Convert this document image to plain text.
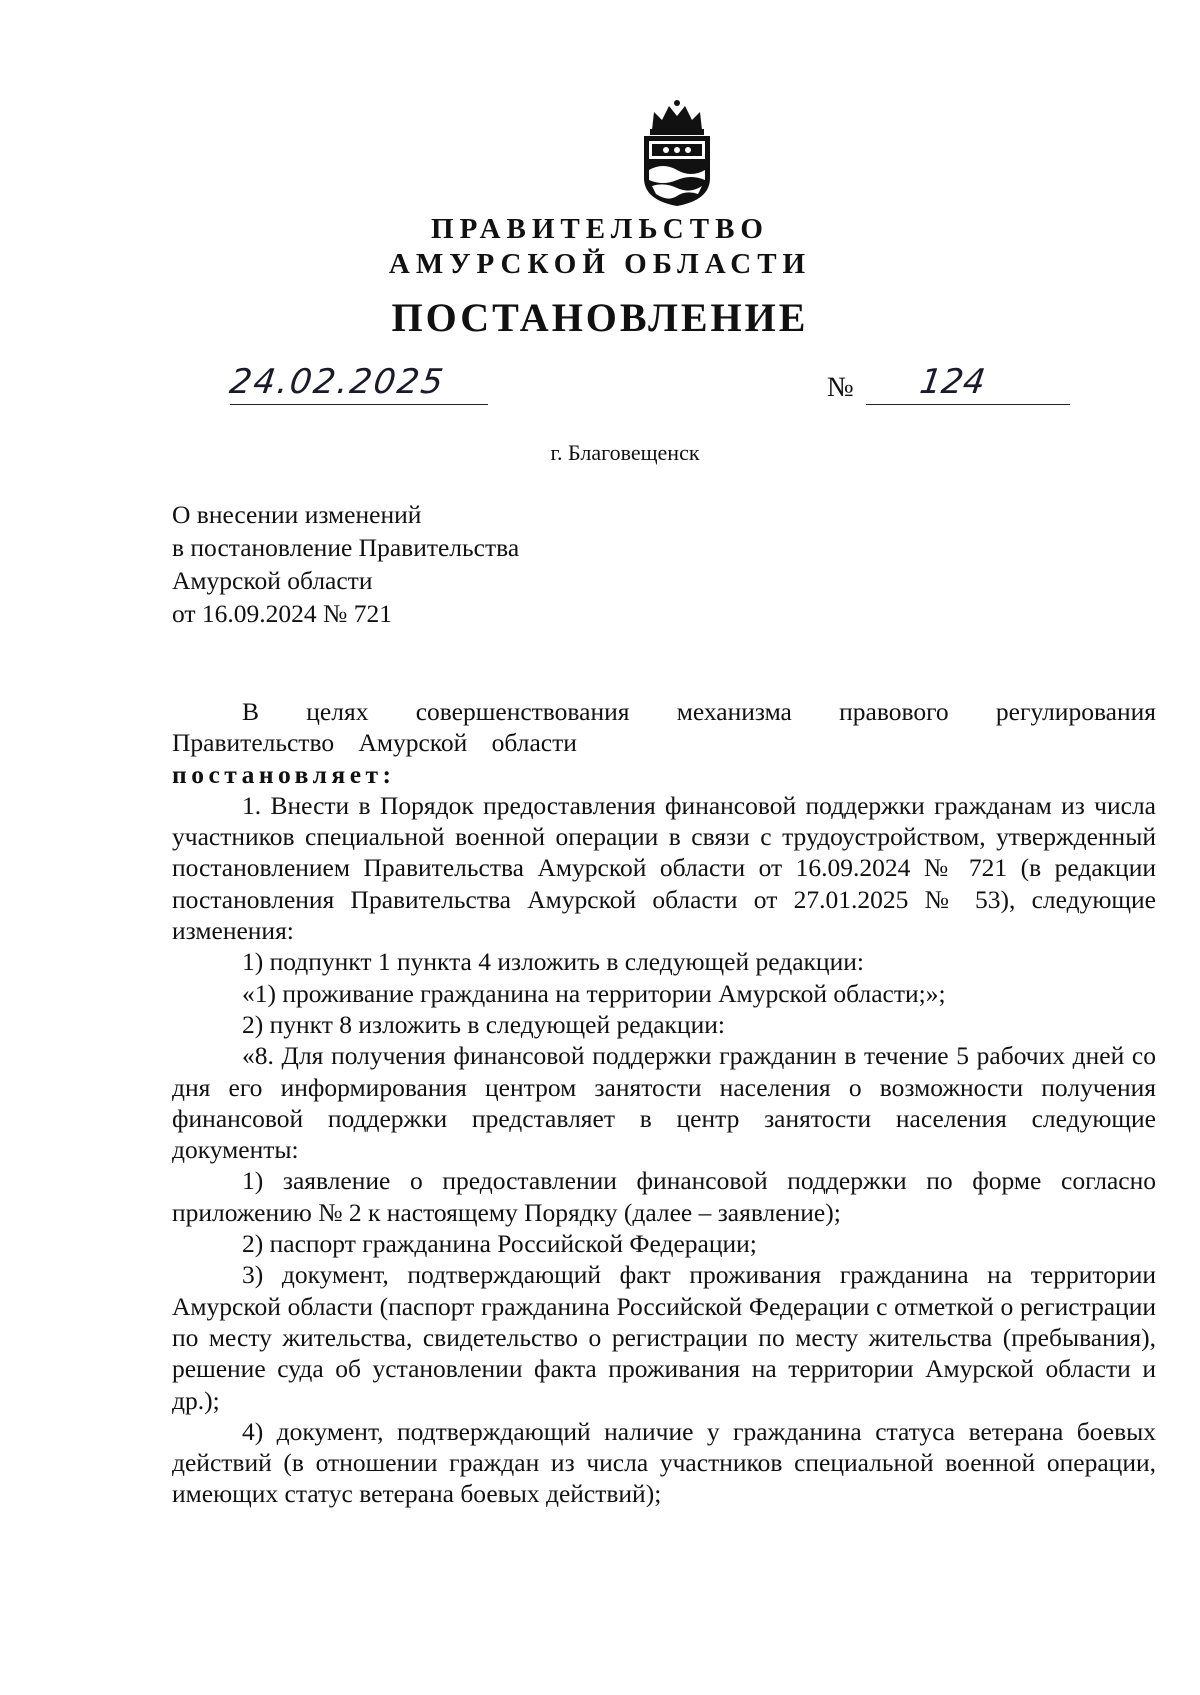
ПРАВИТЕЛЬСТВО
АМУРСКОЙ ОБЛАСТИ
ПОСТАНОВЛЕНИЕ
24.02.2025	№ 124
г. Благовещенск
О внесении изменений
в постановление Правительства
Амурской области
от 16.09.2024 № 721

В целях совершенствования механизма правового регулирования Правительство Амурской области

постановляет:

1. Внести в Порядок предоставления финансовой поддержки гражданам из числа участников специальной военной операции в связи с трудоустройством, утвержденный постановлением Правительства Амурской области от 16.09.2024 № 721 (в редакции постановления Правительства Амурской области от 27.01.2025 № 53), следующие изменения:

1) подпункт 1 пункта 4 изложить в следующей редакции:

«1) проживание гражданина на территории Амурской области;»;

2) пункт 8 изложить в следующей редакции:

«8. Для получения финансовой поддержки гражданин в течение 5 рабочих дней со дня его информирования центром занятости населения о возможности получения финансовой поддержки представляет в центр занятости населения следующие документы:

1) заявление о предоставлении финансовой поддержки по форме согласно приложению № 2 к настоящему Порядку (далее – заявление);

2) паспорт гражданина Российской Федерации;

3) документ, подтверждающий факт проживания гражданина на территории Амурской области (паспорт гражданина Российской Федерации с отметкой о регистрации по месту жительства, свидетельство о регистрации по месту жительства (пребывания), решение суда об установлении факта проживания на территории Амурской области и др.);

4) документ, подтверждающий наличие у гражданина статуса ветерана боевых действий (в отношении граждан из числа участников специальной военной операции, имеющих статус ветерана боевых действий);
